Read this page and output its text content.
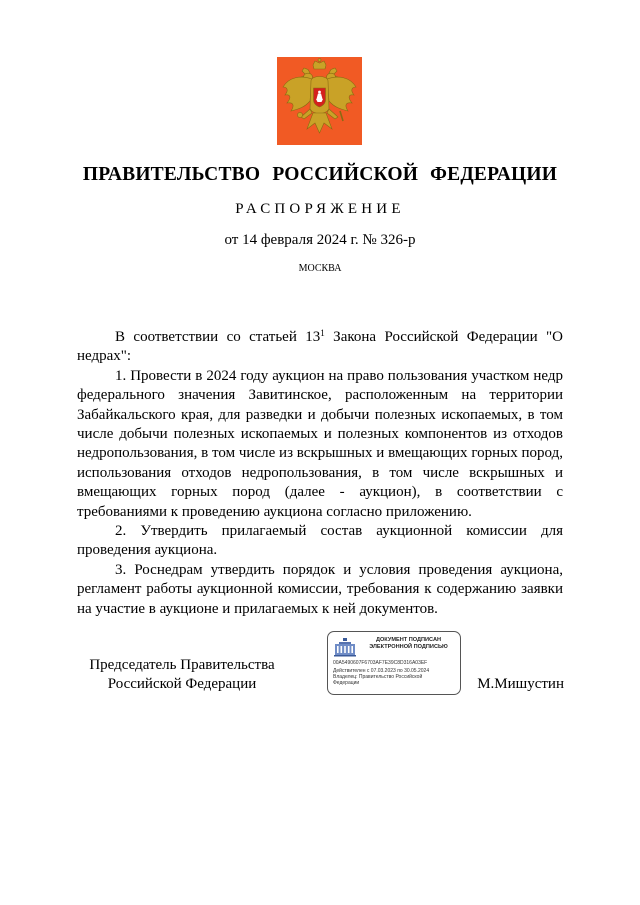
ПРАВИТЕЛЬСТВО РОССИЙСКОЙ ФЕДЕРАЦИИ
РАСПОРЯЖЕНИЕ
от 14 февраля 2024 г. № 326-р
МОСКВА

В соответствии со статьей $13^1$ Закона Российской Федерации "О недрах":

1. Провести в 2024 году аукцион на право пользования участком недр федерального значения Завитинское, расположенным на территории Забайкальского края, для разведки и добычи полезных ископаемых, в том числе добычи полезных ископаемых и полезных компонентов из отходов недропользования, в том числе из вскрышных и вмещающих горных пород, использования отходов недропользования, в том числе вскрышных и вмещающих горных пород (далее - аукцион), в соответствии с требованиями к проведению аукциона согласно приложению.

2. Утвердить прилагаемый состав аукционной комиссии для проведения аукциона.

3. Роснедрам утвердить порядок и условия проведения аукциона, регламент работы аукционной комиссии, требования к содержанию заявки на участие в аукционе и прилагаемых к ней документов.

Председатель Правительства
Российской Федерации
ДОКУМЕНТ ПОДПИСАН
ЭЛЕКТРОННОЙ ПОДПИСЬЮ
00A5490607F6703AF7E39C8D316A03EF
Действителен с 07.03.2023 по 30.05.2024
Владелец: Правительство Российской
Федерации	М.Мишустин
